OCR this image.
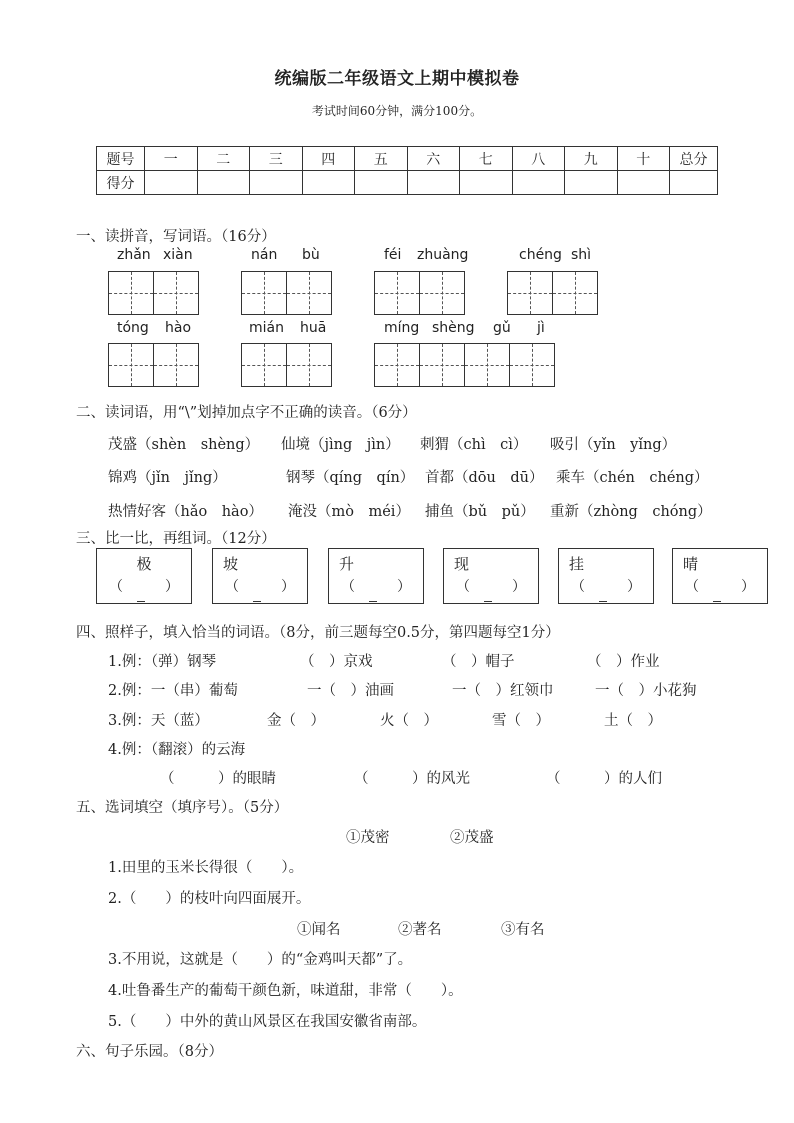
统编版二年级语文上期中模拟卷
考试时间60分钟，满分100分。
题号	一	二	三	四	五	六	七	八	九	十	总分
得分											
一、读拼音，写词语。（16分）
zhǎn xiàn	nán bù	féi zhuàng	chéng shì
tóng hào	mián huā	míng shèng gǔ jì
二、读词语，用“\”划掉加点字不正确的读音。（6分）
茂盛（shèn　shèng） 仙境（jìng　jìn） 刺猬（chì　cì） 吸引（yǐn　yǐng）
锦鸡（jǐn　jǐng）	钢琴（qíng　qín） 首都（dōu　dū） 乘车（chén　chéng）
热情好客（hǎo　hào） 淹没（mò　méi） 捕鱼（bǔ　pǔ） 重新（zhòng　chóng）
三、比一比，再组词。（12分）
极
（　　　）
坡
（　　　）
升
（　　　）
现
（　　　）
挂
（　　　）
晴
（　　　）
四、照样子，填入恰当的词语。（8分，前三题每空0.5分，第四题每空1分）
1.例：（弹）钢琴	（　）京戏	（　）帽子	（　）作业
2.例：一（串）葡萄	一（　）油画	一（　）红领巾	一（　）小花狗
3.例：天（蓝）	金（　）	火（　）	雪（　）	土（　）
4.例：（翻滚）的云海
（　　　）的眼睛	（　　　）的风光	（　　　）的人们
五、选词填空（填序号）。（5分）
①茂密	②茂盛
1.田里的玉米长得很（　　）。
2.（　　）的枝叶向四面展开。
①闻名	②著名	③有名
3.不用说，这就是（　　）的“金鸡叫天都”了。
4.吐鲁番生产的葡萄干颜色新，味道甜，非常（　　）。
5.（　　）中外的黄山风景区在我国安徽省南部。
六、句子乐园。（8分）
